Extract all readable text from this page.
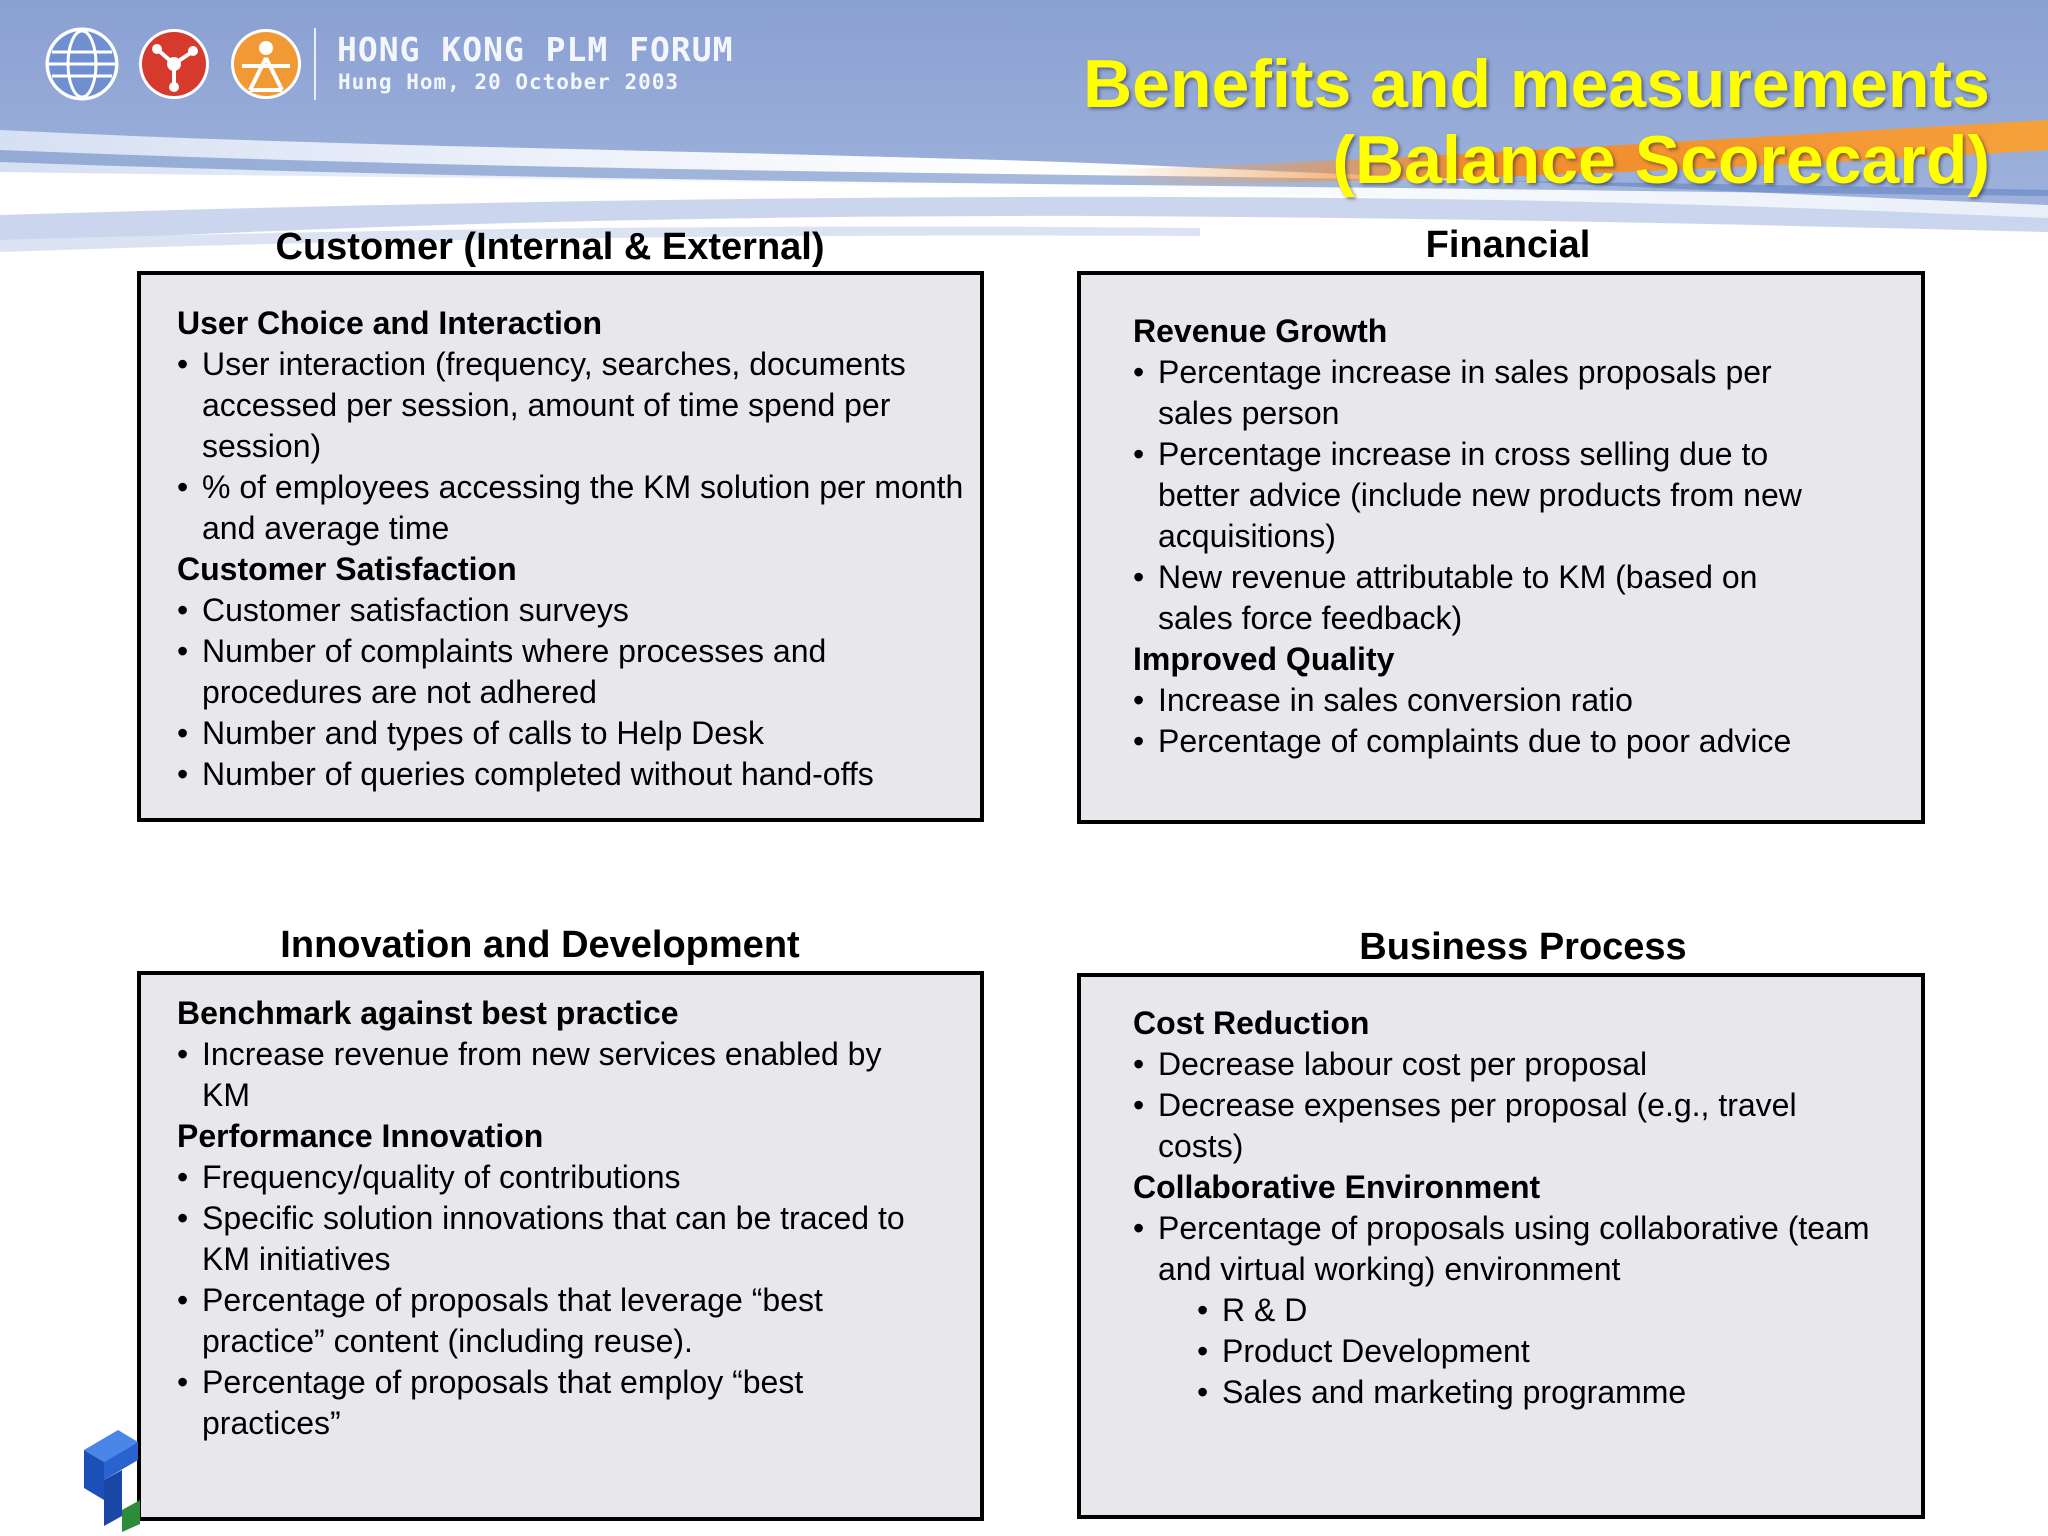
HONG KONG PLM FORUM
Hung Hom, 20 October 2003	Benefits and measurements
(Balance Scorecard)
Customer (Internal & External)
User Choice and Interaction
• User interaction (frequency, searches, documents accessed per session, amount of time spend per session)
• % of employees accessing the KM solution per month and average time
Customer Satisfaction
• Customer satisfaction surveys
• Number of complaints where processes and procedures are not adhered
• Number and types of calls to Help Desk
• Number of queries completed without hand-offs
Financial
Revenue Growth
• Percentage increase in sales proposals per sales person
• Percentage increase in cross selling due to better advice (include new products from new acquisitions)
• New revenue attributable to KM (based on sales force feedback)
Improved Quality
• Increase in sales conversion ratio
• Percentage of complaints due to poor advice
Innovation and Development
Benchmark against best practice
• Increase revenue from new services enabled by KM
Performance Innovation
• Frequency/quality of contributions
• Specific solution innovations that can be traced to KM initiatives
• Percentage of proposals that leverage “best practice” content (including reuse).
• Percentage of proposals that employ “best practices”
Business Process
Cost Reduction
• Decrease labour cost per proposal
• Decrease expenses per proposal (e.g., travel costs)
Collaborative Environment
• Percentage of proposals using collaborative (team and virtual working) environment
• R & D
• Product Development
• Sales and marketing programme
